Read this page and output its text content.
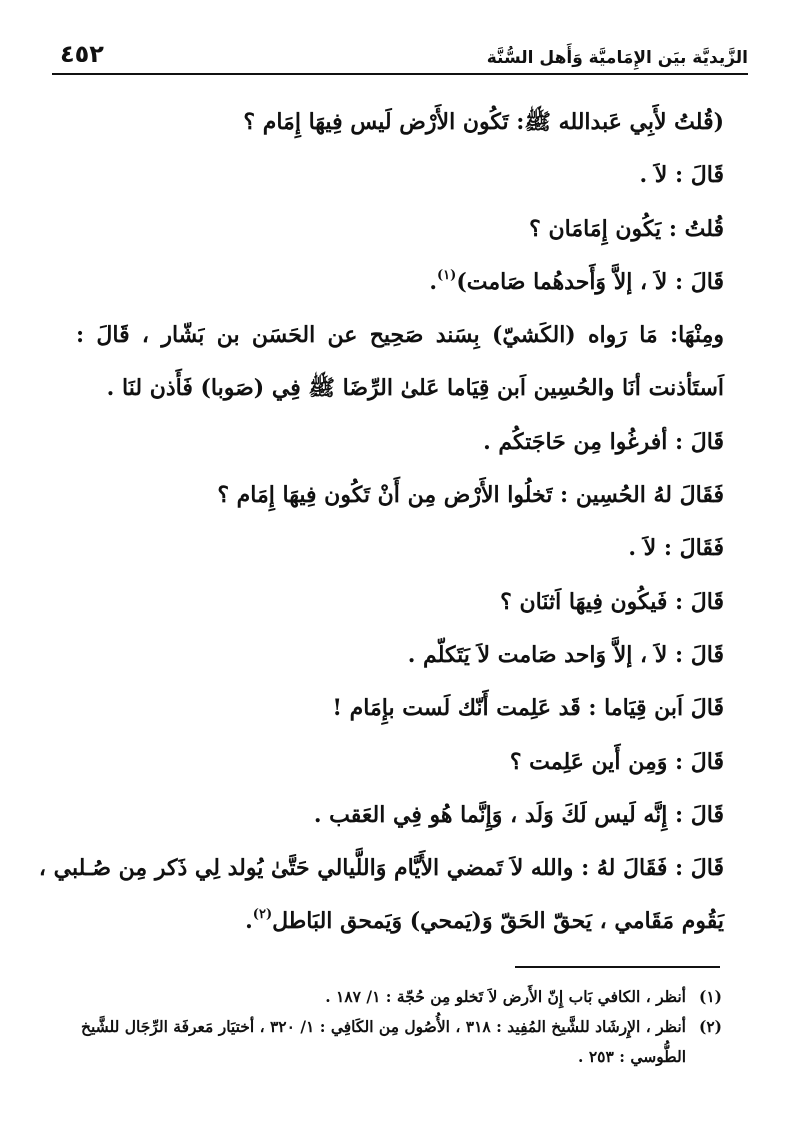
الزَّيديَّة بيَن الإِمَاميَّة وَأَهل السُّنَّة
٤٥٢
(قُلتُ لأَبِي عَبدالله ﷺ: تَكُون الأَرْض لَيس فِيهَا إِمَام ؟
قَالَ : لاَ .
قُلتُ : يَكُون إِمَامَان ؟
قَالَ : لاَ ، إلاَّ وَأَحدهُما صَامت)$^{(١)}$.
ومِنْهَا: مَا رَواه (الكَشيّ) بِسَند صَحِيح عن الحَسَن بن بَشّار ، قَالَ :
اَستَأذنت أنَا والحُسِين اَبن قِيَاما عَلىٰ الرِّضَا ﷺ فِي (صَوبا) فَأَذن لنَا .
قَالَ : أفرغُوا مِن حَاجَتكُم .
فَقَالَ لهُ الحُسِين : تَخلُوا الأَرْض مِن أَنْ تَكُون فِيهَا إِمَام ؟
فَقَالَ : لاَ .
قَالَ : فَيكُون فِيهَا اَثنَان ؟
قَالَ : لاَ ، إلاَّ وَاحد صَامت لاَ يَتَكلّم .
قَالَ اَبن قِيَاما : قَد عَلِمت أَنّك لَست بإِمَام !
قَالَ : وَمِن أَين عَلِمت ؟
قَالَ : إِنَّه لَيس لَكَ وَلَد ، وَإِنَّما هُو فِي العَقب .
قَالَ : فَقَالَ لهُ : والله لاَ تَمضي الأَيَّام وَاللَّيالي حَتَّىٰ يُولد لِي ذَكر مِن صُـلبي ،
يَقُوم مَقَامي ، يَحقّ الحَقّ وَ(يَمحي) وَيَمحق البَاطل$^{(٢)}$.
(١)
أنظر ، الكافي بَاب إِنّ الأَرض لاَ تَخلو مِن حُجّة : ١/ ١٨٧ .
(٢)
أنظر ، الإِرشَاد للشَّيخ المُفِيد : ٣١٨ ، الأُصُول مِن الكَافِي : ١/ ٣٢٠ ، أختيَار مَعرفَة الرِّجَال للشَّيخ الطُّوسي : ٢٥٣ .
